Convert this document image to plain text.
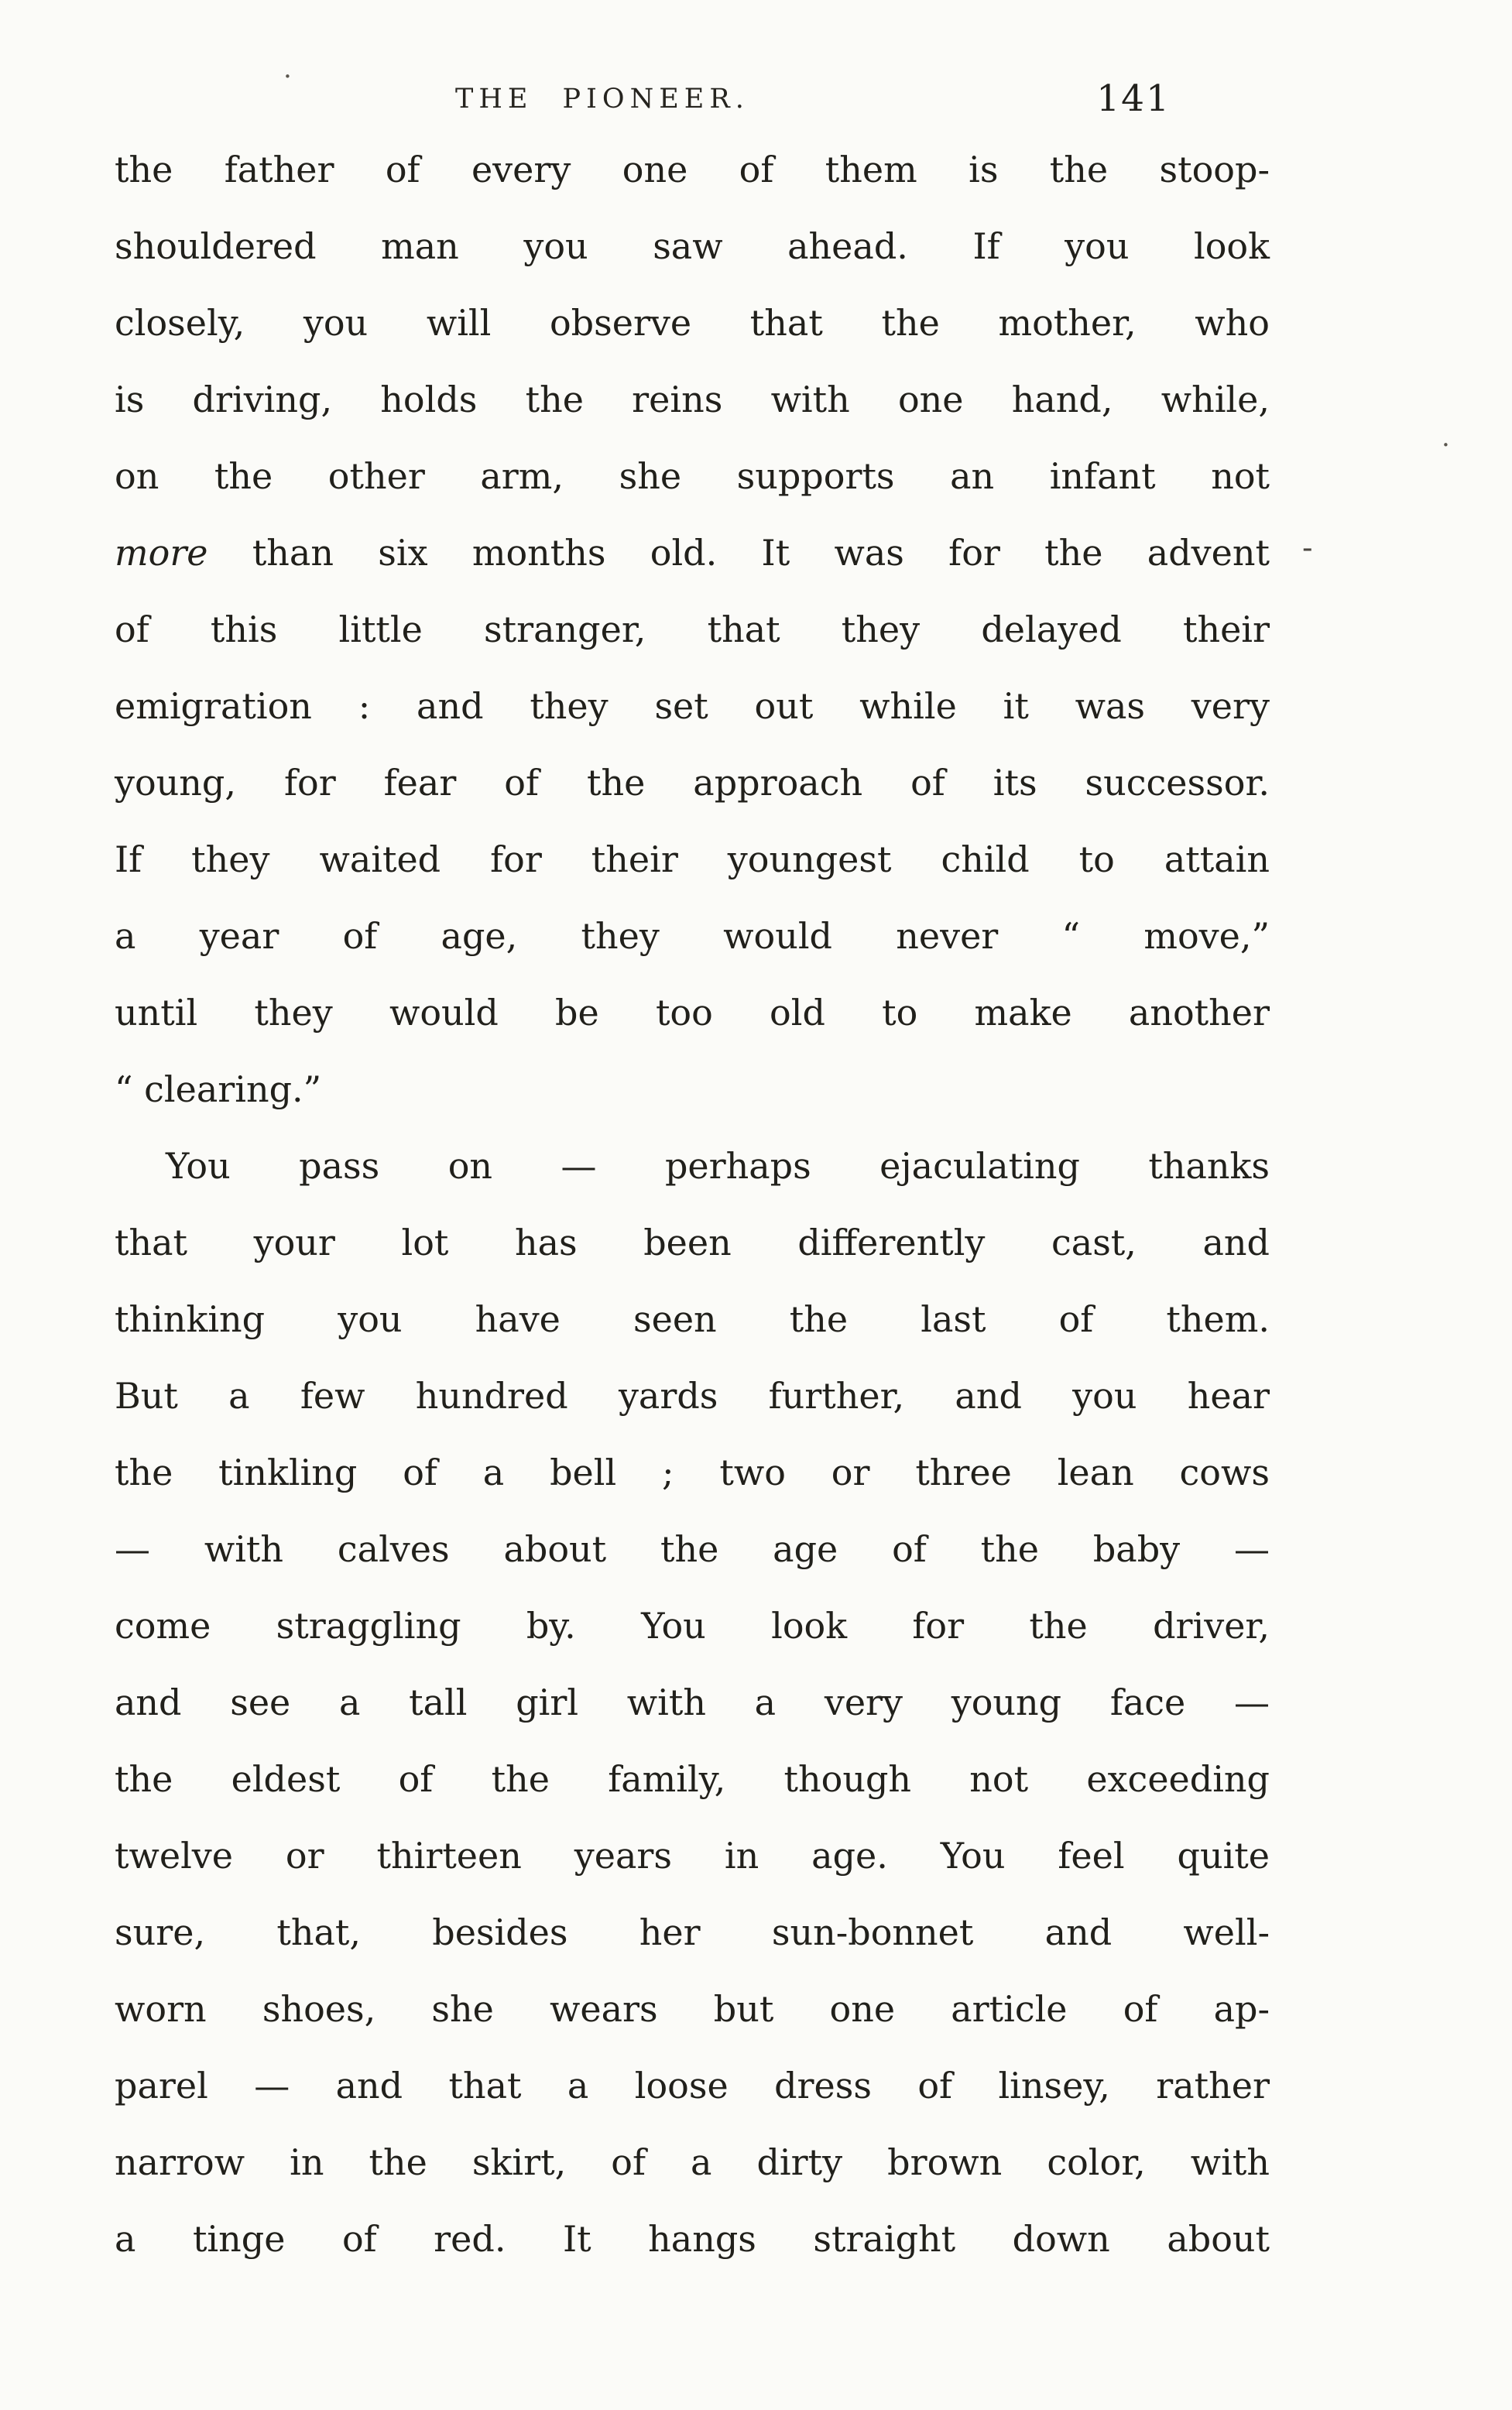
THE PIONEER.	141
the father of every one of them is the stoop-
shouldered man you saw ahead. If you look
closely, you will observe that the mother, who
is driving, holds the reins with one hand, while,
on the other arm, she supports an infant not
more than six months old. It was for the advent
of this little stranger, that they delayed their
emigration : and they set out while it was very
young, for fear of the approach of its successor.
If they waited for their youngest child to attain
a year of age, they would never “ move,”
until they would be too old to make another
“ clearing.”
You pass on — perhaps ejaculating thanks
that your lot has been differently cast, and
thinking you have seen the last of them.
But a few hundred yards further, and you hear
the tinkling of a bell ; two or three lean cows
— with calves about the age of the baby —
come straggling by. You look for the driver,
and see a tall girl with a very young face —
the eldest of the family, though not exceeding
twelve or thirteen years in age. You feel quite
sure, that, besides her sun-bonnet and well-
worn shoes, she wears but one article of ap-
parel — and that a loose dress of linsey, rather
narrow in the skirt, of a dirty brown color, with
a tinge of red. It hangs straight down about
.
.
-
